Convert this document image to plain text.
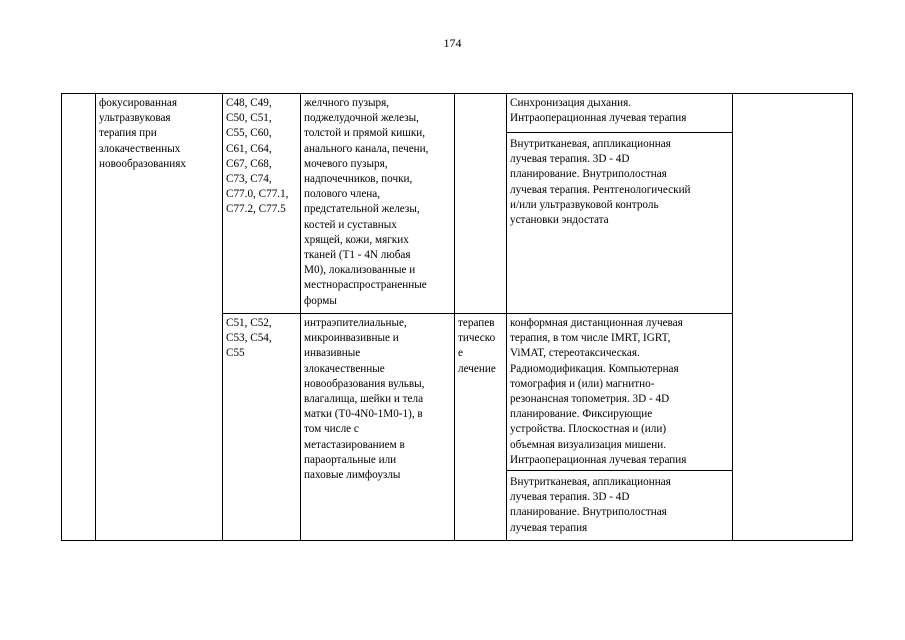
174
фокусированная
ультразвуковая
терапия при
злокачественных
новообразованиях
C48, C49,
C50, C51,
C55, C60,
C61, C64,
C67, C68,
C73, C74,
C77.0, C77.1,
C77.2, C77.5
желчного пузыря,
поджелудочной железы,
толстой и прямой кишки,
анального канала, печени,
мочевого пузыря,
надпочечников, почки,
полового члена,
предстательной железы,
костей и суставных
хрящей, кожи, мягких
тканей (T1 - 4N любая
M0), локализованные и
местнораспространенные
формы
Синхронизация дыхания.
Интраоперационная лучевая терапия
Внутритканевая, аппликационная
лучевая терапия. 3D - 4D
планирование. Внутриполостная
лучевая терапия. Рентгенологический
и/или ультразвуковой контроль
установки эндостата
C51, C52,
C53, C54,
C55
интраэпителиальные,
микроинвазивные и
инвазивные
злокачественные
новообразования вульвы,
влагалища, шейки и тела
матки (T0-4N0-1M0-1), в
том числе с
метастазированием в
параортальные или
паховые лимфоузлы
терапев
тическо
е
лечение
конформная дистанционная лучевая
терапия, в том числе IMRT, IGRT,
ViMAT, стереотаксическая.
Радиомодификация. Компьютерная
томография и (или) магнитно-
резонансная топометрия. 3D - 4D
планирование. Фиксирующие
устройства. Плоскостная и (или)
объемная визуализация мишени.
Интраоперационная лучевая терапия
Внутритканевая, аппликационная
лучевая терапия. 3D - 4D
планирование. Внутриполостная
лучевая терапия
